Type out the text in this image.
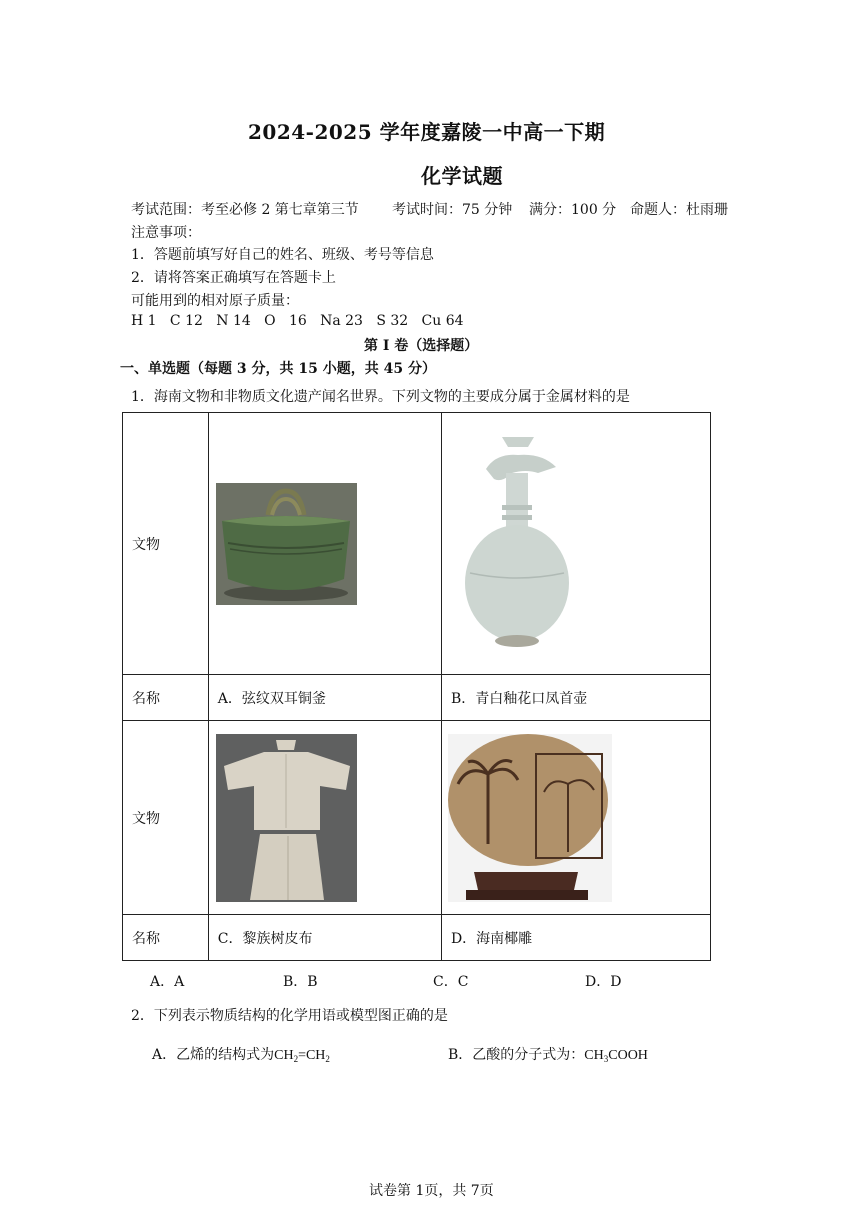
2024-2025 学年度嘉陵一中高一下期
化学试题
考试范围：考至必修 2 第七章第三节 考试时间：75 分钟 满分：100 分 命题人：杜雨珊
注意事项：
1．答题前填写好自己的姓名、班级、考号等信息
2．请将答案正确填写在答题卡上
可能用到的相对原子质量：
H 1   C 12   N 14   O   16   Na 23   S 32   Cu 64
第 I 卷（选择题）
一、单选题（每题 3 分，共 15 小题，共 45 分）
1．海南文物和非物质文化遗产闻名世界。下列文物的主要成分属于金属材料的是
文物		
名称	A．弦纹双耳铜釜	B．青白釉花口凤首壶
文物		
名称	C．黎族树皮布	D．海南椰雕
A．A	B．B	C．C	D．D
2．下列表示物质结构的化学用语或模型图正确的是
A．乙烯的结构式为$CH_2=CH_2$	B．乙酸的分子式为：$CH_3COOH$
试卷第 1页，共 7页
